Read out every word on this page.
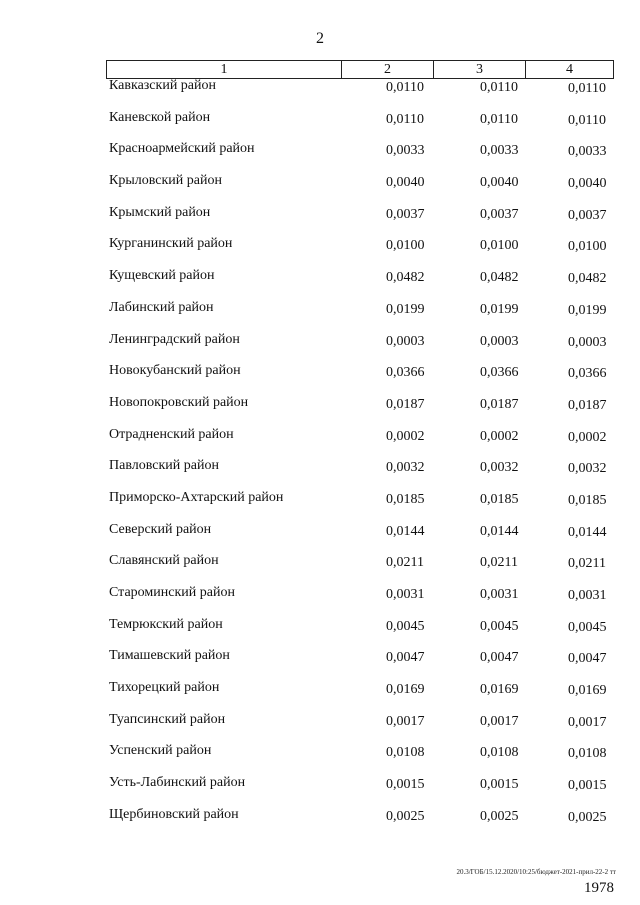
2
1	2	3	4
Кавказский район	0,0110	0,0110	0,0110
Каневской район	0,0110	0,0110	0,0110
Красноармейский район	0,0033	0,0033	0,0033
Крыловский район	0,0040	0,0040	0,0040
Крымский район	0,0037	0,0037	0,0037
Курганинский район	0,0100	0,0100	0,0100
Кущевский район	0,0482	0,0482	0,0482
Лабинский район	0,0199	0,0199	0,0199
Ленинградский район	0,0003	0,0003	0,0003
Новокубанский район	0,0366	0,0366	0,0366
Новопокровский район	0,0187	0,0187	0,0187
Отрадненский район	0,0002	0,0002	0,0002
Павловский район	0,0032	0,0032	0,0032
Приморско-Ахтарский район	0,0185	0,0185	0,0185
Северский район	0,0144	0,0144	0,0144
Славянский район	0,0211	0,0211	0,0211
Староминский район	0,0031	0,0031	0,0031
Темрюкский район	0,0045	0,0045	0,0045
Тимашевский район	0,0047	0,0047	0,0047
Тихорецкий район	0,0169	0,0169	0,0169
Туапсинский район	0,0017	0,0017	0,0017
Успенский район	0,0108	0,0108	0,0108
Усть-Лабинский район	0,0015	0,0015	0,0015
Щербиновский район	0,0025	0,0025	0,0025
20.3/ГОБ/15.12.2020/10:25/бюджет-2021-прил-22-2 тт
1978
